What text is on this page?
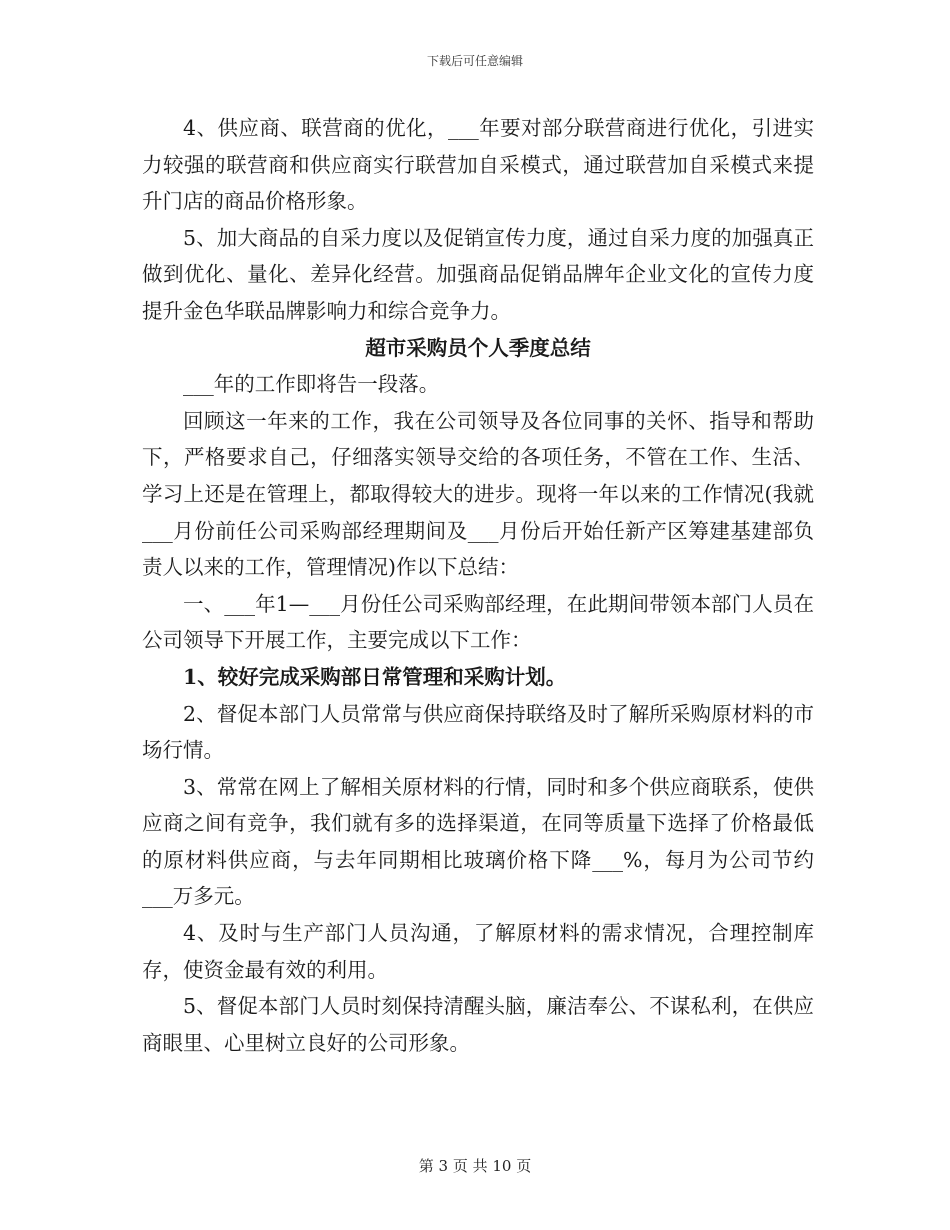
下载后可任意编辑

4、供应商、联营商的优化，___年要对部分联营商进行优化，引进实力较强的联营商和供应商实行联营加自采模式，通过联营加自采模式来提升门店的商品价格形象。

5、加大商品的自采力度以及促销宣传力度，通过自采力度的加强真正做到优化、量化、差异化经营。加强商品促销品牌年企业文化的宣传力度提升金色华联品牌影响力和综合竞争力。

超市采购员个人季度总结

___年的工作即将告一段落。

回顾这一年来的工作，我在公司领导及各位同事的关怀、指导和帮助下，严格要求自己，仔细落实领导交给的各项任务，不管在工作、生活、学习上还是在管理上，都取得较大的进步。现将一年以来的工作情况(我就___月份前任公司采购部经理期间及___月份后开始任新产区筹建基建部负责人以来的工作，管理情况)作以下总结：

一、___年1—___月份任公司采购部经理，在此期间带领本部门人员在公司领导下开展工作，主要完成以下工作：

1、较好完成采购部日常管理和采购计划。

2、督促本部门人员常常与供应商保持联络及时了解所采购原材料的市场行情。

3、常常在网上了解相关原材料的行情，同时和多个供应商联系，使供应商之间有竞争，我们就有多的选择渠道，在同等质量下选择了价格最低的原材料供应商，与去年同期相比玻璃价格下降___%，每月为公司节约___万多元。

4、及时与生产部门人员沟通，了解原材料的需求情况，合理控制库存，使资金最有效的利用。

5、督促本部门人员时刻保持清醒头脑，廉洁奉公、不谋私利，在供应商眼里、心里树立良好的公司形象。

第 3 页 共 10 页
